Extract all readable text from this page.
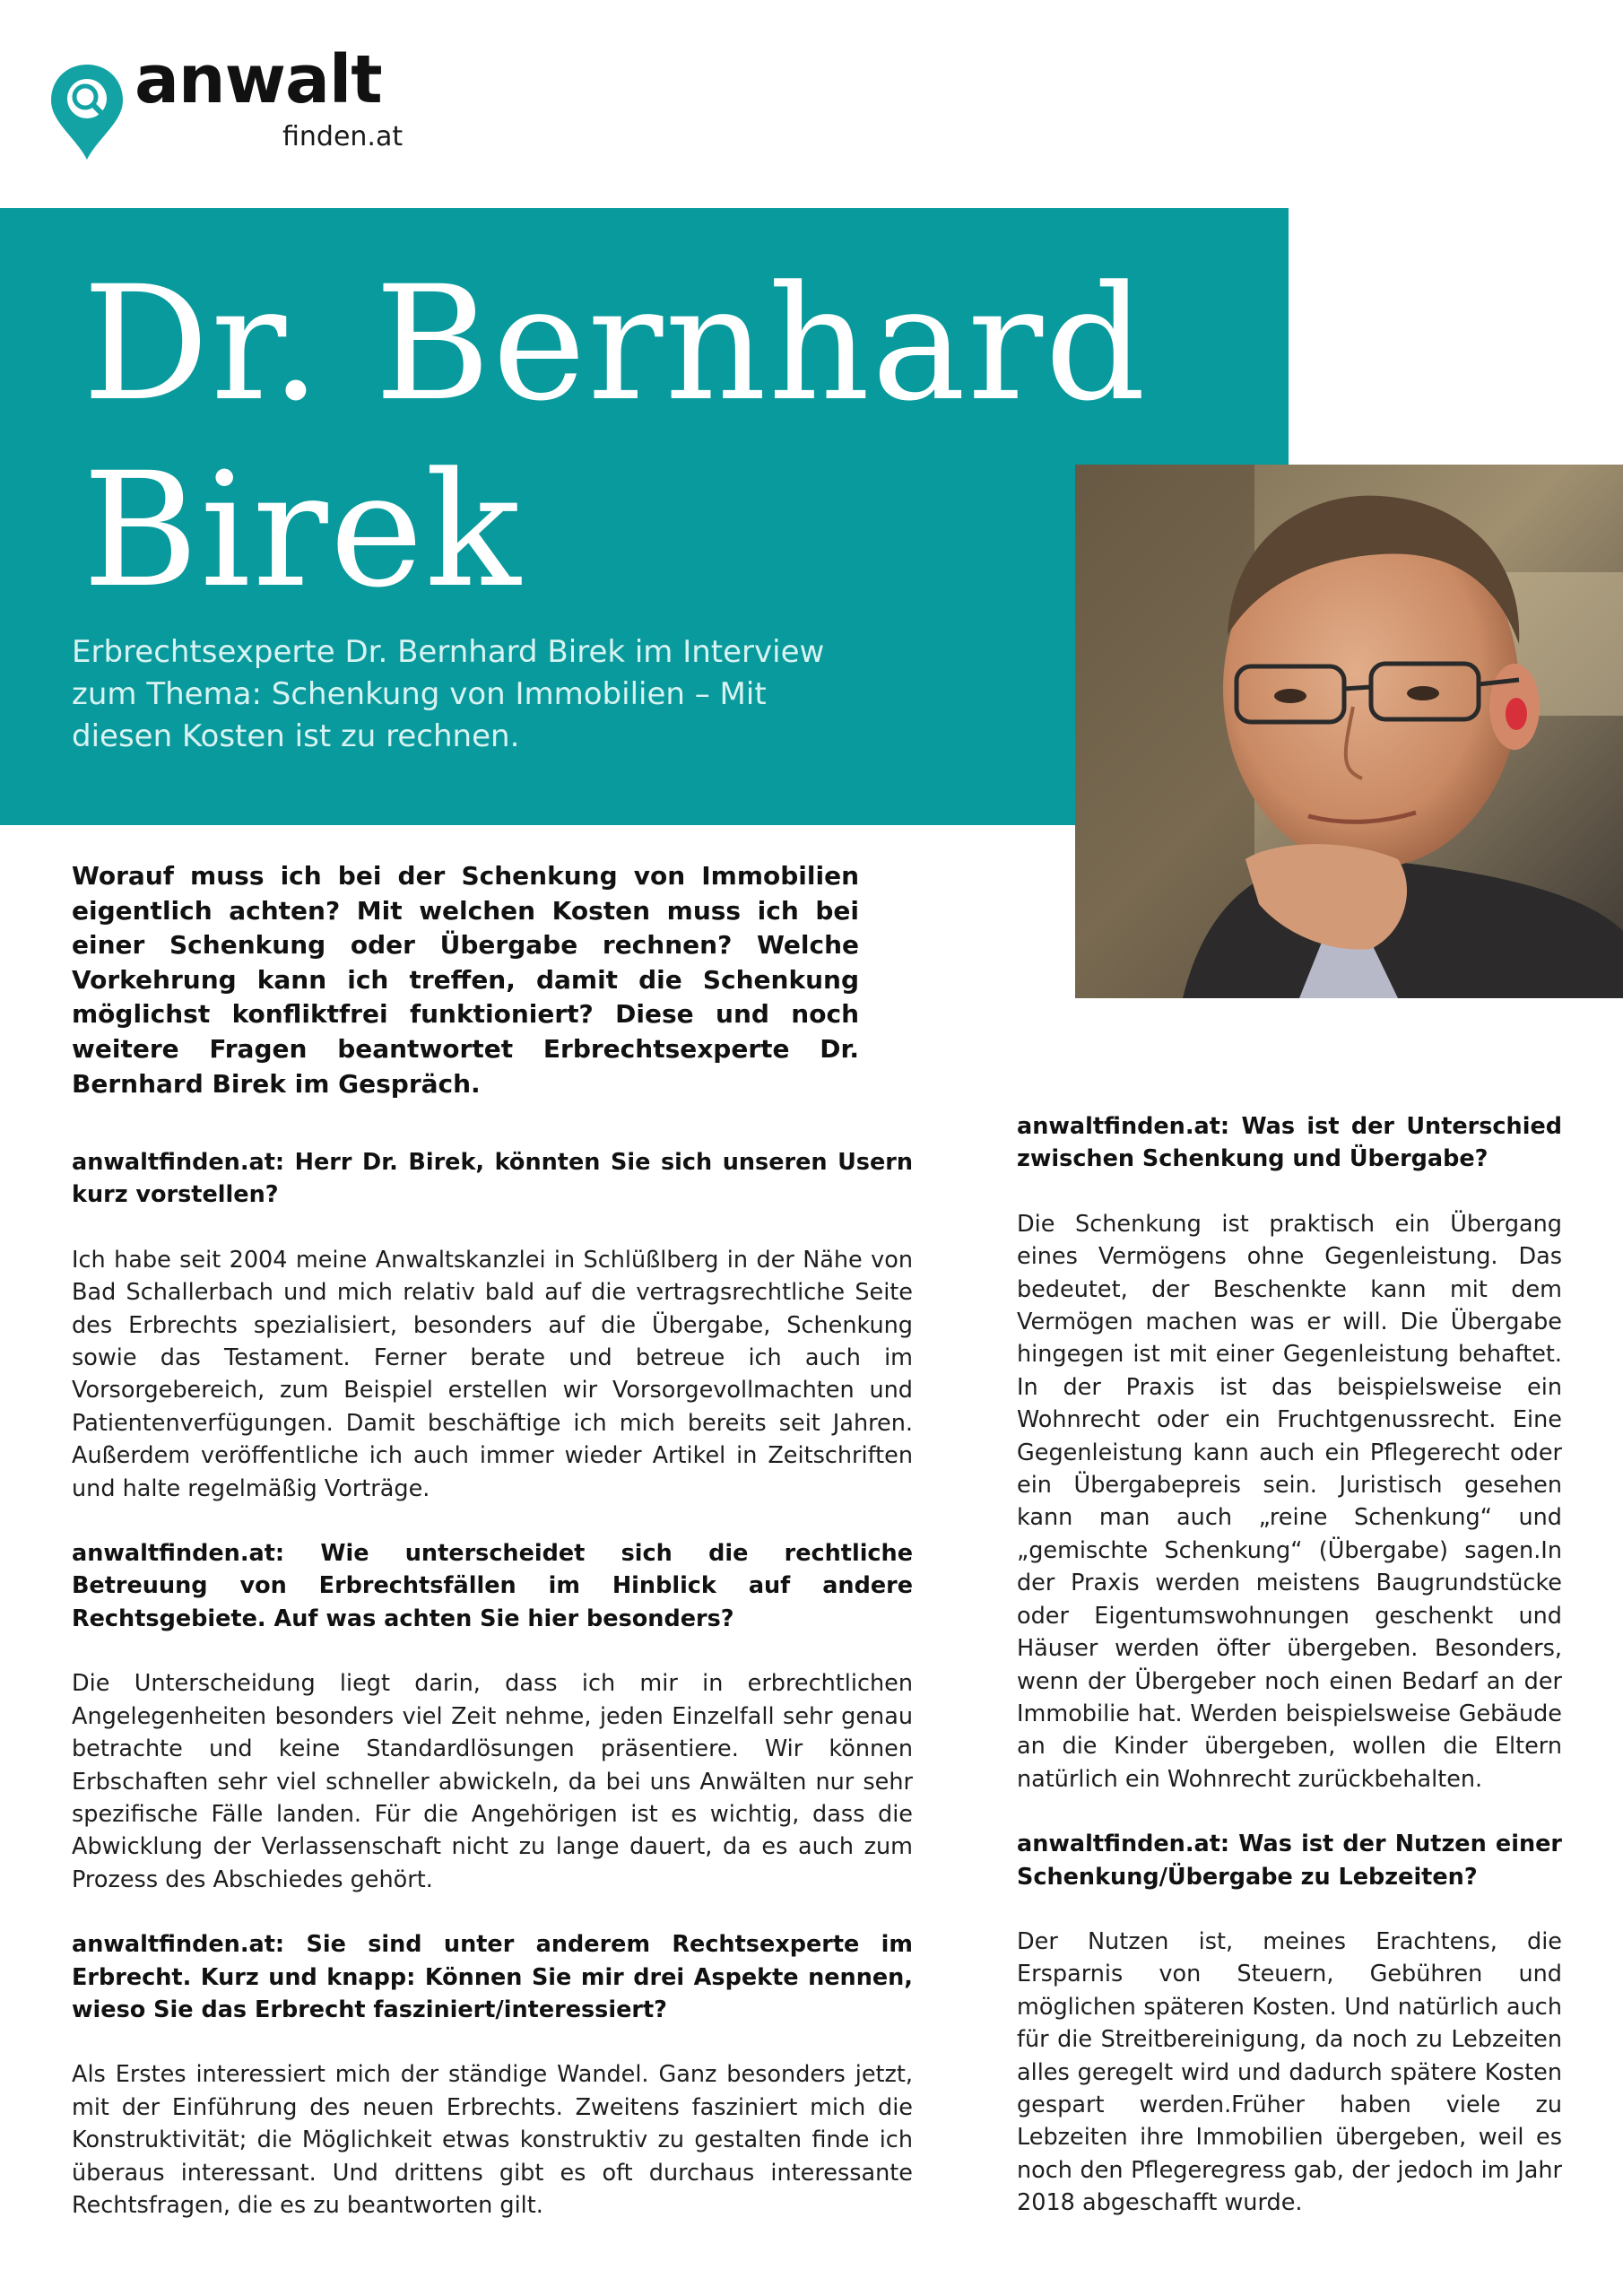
anwalt
finden.at
Dr. Bernhard
Birek

Erbrechtsexperte Dr. Bernhard Birek im Interview zum Thema: Schenkung von Immobilien – Mit diesen Kosten ist zu rechnen.

Worauf muss ich bei der Schenkung von Immobilien eigentlich achten? Mit welchen Kosten muss ich bei einer Schenkung oder Übergabe rechnen? Welche Vorkehrung kann ich treffen, damit die Schenkung möglichst konfliktfrei funktioniert? Diese und noch weitere Fragen beantwortet Erbrechtsexperte Dr. Bernhard Birek im Gespräch.

anwaltfinden.at: Herr Dr. Birek, könnten Sie sich unseren Usern kurz vorstellen?

Ich habe seit 2004 meine Anwaltskanzlei in Schlüßlberg in der Nähe von Bad Schallerbach und mich relativ bald auf die vertragsrechtliche Seite des Erbrechts spezialisiert, besonders auf die Übergabe, Schenkung sowie das Testament. Ferner berate und betreue ich auch im Vorsorgebereich, zum Beispiel erstellen wir Vorsorgevollmachten und Patientenverfügungen. Damit beschäftige ich mich bereits seit Jahren. Außerdem veröffentliche ich auch immer wieder Artikel in Zeitschriften und halte regelmäßig Vorträge.

anwaltfinden.at: Wie unterscheidet sich die rechtliche Betreuung von Erbrechtsfällen im Hinblick auf andere Rechtsgebiete. Auf was achten Sie hier besonders?

Die Unterscheidung liegt darin, dass ich mir in erbrechtlichen Angelegenheiten besonders viel Zeit nehme, jeden Einzelfall sehr genau betrachte und keine Standardlösungen präsentiere. Wir können Erbschaften sehr viel schneller abwickeln, da bei uns Anwälten nur sehr spezifische Fälle landen. Für die Angehörigen ist es wichtig, dass die Abwicklung der Verlassenschaft nicht zu lange dauert, da es auch zum Prozess des Abschiedes gehört.

anwaltfinden.at: Sie sind unter anderem Rechtsexperte im Erbrecht. Kurz und knapp: Können Sie mir drei Aspekte nennen, wieso Sie das Erbrecht fasziniert/interessiert?

Als Erstes interessiert mich der ständige Wandel. Ganz besonders jetzt, mit der Einführung des neuen Erbrechts. Zweitens fasziniert mich die Konstruktivität; die Möglichkeit etwas konstruktiv zu gestalten finde ich überaus interessant. Und drittens gibt es oft durchaus interessante Rechtsfragen, die es zu beantworten gilt.

anwaltfinden.at: Was ist der Unterschied zwischen Schenkung und Übergabe?

Die Schenkung ist praktisch ein Übergang eines Vermögens ohne Gegenleistung. Das bedeutet, der Beschenkte kann mit dem Vermögen machen was er will. Die Übergabe hingegen ist mit einer Gegenleistung behaftet. In der Praxis ist das beispielsweise ein Wohnrecht oder ein Fruchtgenussrecht. Eine Gegenleistung kann auch ein Pflegerecht oder ein Übergabepreis sein. Juristisch gesehen kann man auch „reine Schenkung“ und „gemischte Schenkung“ (Übergabe) sagen.In der Praxis werden meistens Baugrundstücke oder Eigentumswohnungen geschenkt und Häuser werden öfter übergeben. Besonders, wenn der Übergeber noch einen Bedarf an der Immobilie hat. Werden beispielsweise Gebäude an die Kinder übergeben, wollen die Eltern natürlich ein Wohnrecht zurückbehalten.

anwaltfinden.at: Was ist der Nutzen einer Schenkung/Übergabe zu Lebzeiten?

Der Nutzen ist, meines Erachtens, die Ersparnis von Steuern, Gebühren und möglichen späteren Kosten. Und natürlich auch für die Streitbereinigung, da noch zu Lebzeiten alles geregelt wird und dadurch spätere Kosten gespart werden.Früher haben viele zu Lebzeiten ihre Immobilien übergeben, weil es noch den Pflegeregress gab, der jedoch im Jahr 2018 abgeschafft wurde.
